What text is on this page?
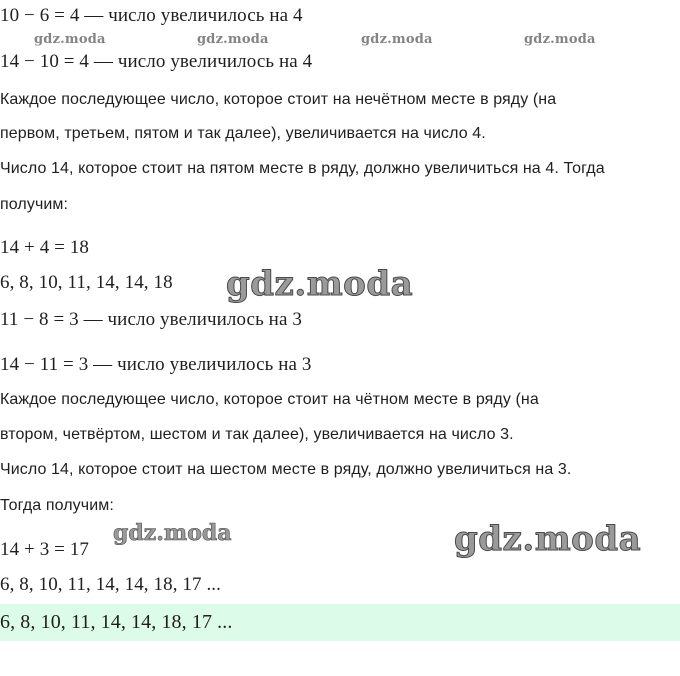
10 − 6 = 4 — число увеличилось на 4
14 − 10 = 4 — число увеличилось на 4
Каждое последующее число, которое стоит на нечётном месте в ряду (на
первом, третьем, пятом и так далее), увеличивается на число 4.
Число 14, которое стоит на пятом месте в ряду, должно увеличиться на 4. Тогда
получим:
14 + 4 = 18
6, 8, 10, 11, 14, 14, 18
11 − 8 = 3 — число увеличилось на 3
14 − 11 = 3 — число увеличилось на 3
Каждое последующее число, которое стоит на чётном месте в ряду (на
втором, четвёртом, шестом и так далее), увеличивается на число 3.
Число 14, которое стоит на шестом месте в ряду, должно увеличиться на 3.
Тогда получим:
14 + 3 = 17
6, 8, 10, 11, 14, 14, 18, 17 ...
6, 8, 10, 11, 14, 14, 18, 17 ...
gdz.moda	gdz.moda	gdz.moda	gdz.moda
gdz.moda
gdz.moda	gdz.moda
